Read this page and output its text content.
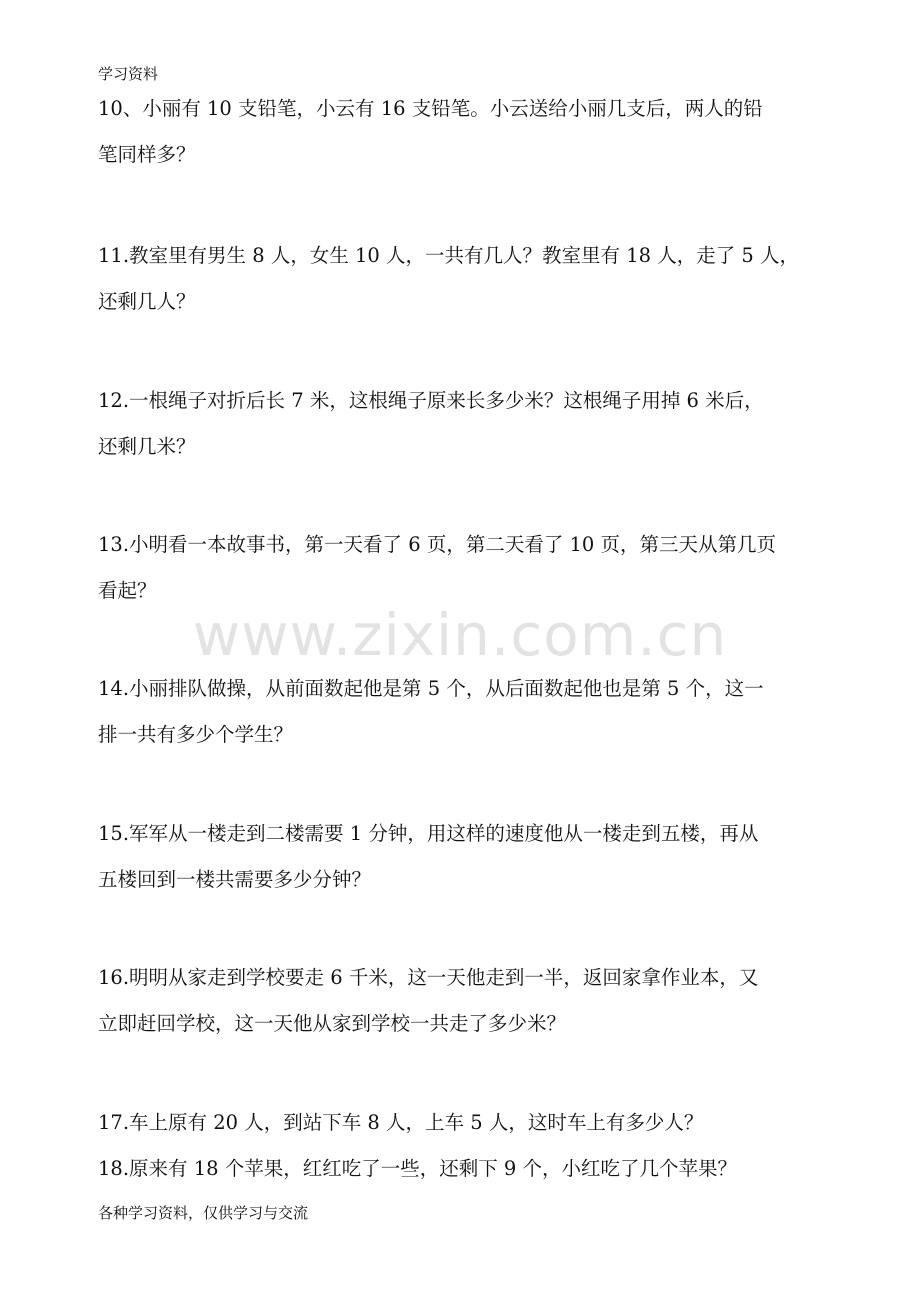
学习资料
www.zixin.com.cn
10、小丽有 10 支铅笔，小云有 16 支铅笔。小云送给小丽几支后，两人的铅
笔同样多？
11.教室里有男生 8 人，女生 10 人，一共有几人？教室里有 18 人，走了 5 人，
还剩几人？
12.一根绳子对折后长 7 米，这根绳子原来长多少米？这根绳子用掉 6 米后，
还剩几米？
13.小明看一本故事书，第一天看了 6 页，第二天看了 10 页，第三天从第几页
看起？
14.小丽排队做操，从前面数起他是第 5 个，从后面数起他也是第 5 个，这一
排一共有多少个学生？
15.军军从一楼走到二楼需要 1 分钟，用这样的速度他从一楼走到五楼，再从
五楼回到一楼共需要多少分钟？
16.明明从家走到学校要走 6 千米，这一天他走到一半，返回家拿作业本，又
立即赶回学校，这一天他从家到学校一共走了多少米？
17.车上原有 20 人，到站下车 8 人，上车 5 人，这时车上有多少人？
18.原来有 18 个苹果，红红吃了一些，还剩下 9 个，小红吃了几个苹果？
各种学习资料，仅供学习与交流
